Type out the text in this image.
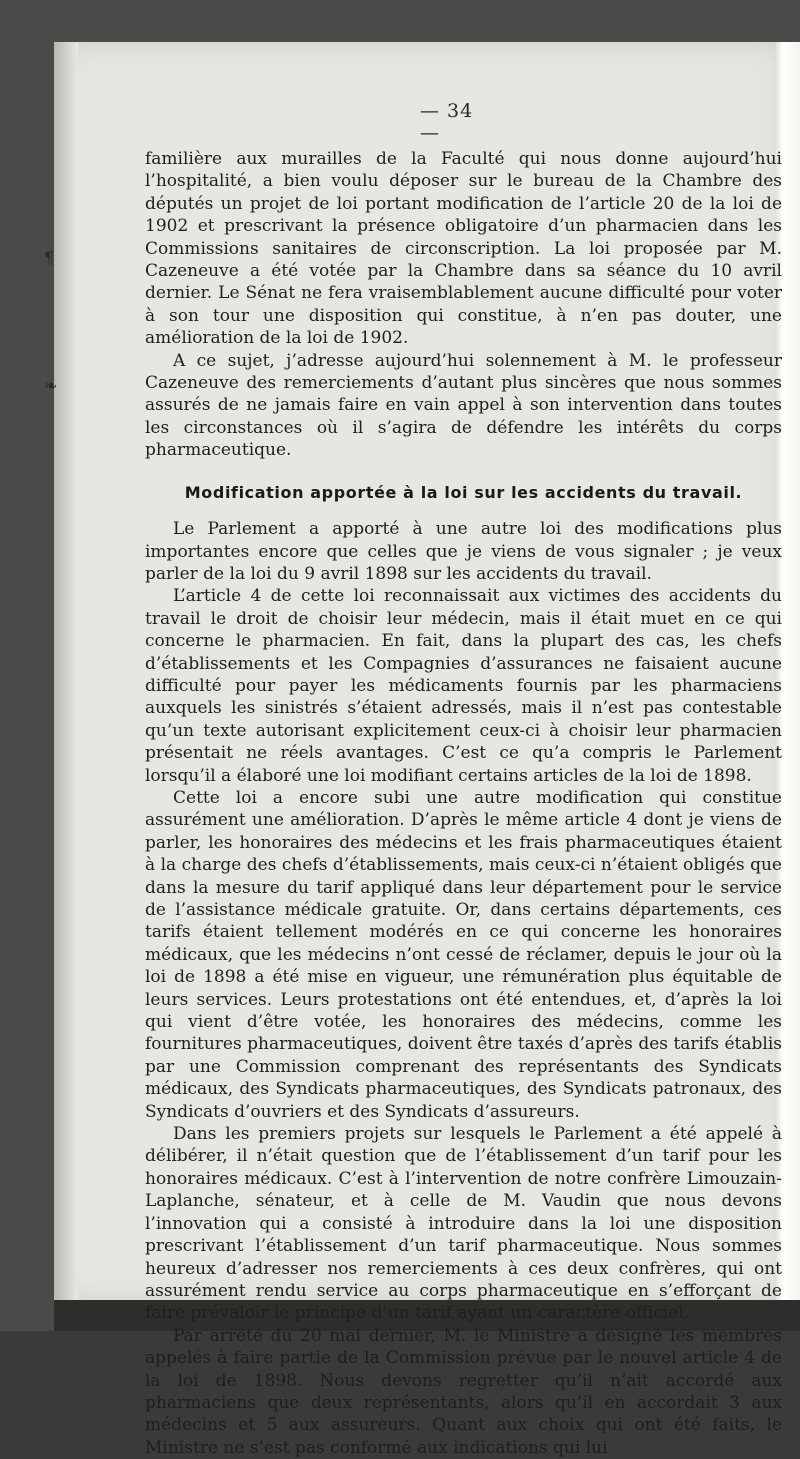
¶
❧
— 34 —

familière aux murailles de la Faculté qui nous donne aujourd’hui l’hospitalité, a bien voulu déposer sur le bureau de la Chambre des députés un projet de loi portant modification de l’article 20 de la loi de 1902 et prescrivant la présence obligatoire d’un pharmacien dans les Commissions sanitaires de circonscription. La loi proposée par M. Cazeneuve a été votée par la Chambre dans sa séance du 10 avril dernier. Le Sénat ne fera vraisemblablement aucune difficulté pour voter à son tour une disposition qui constitue, à n’en pas douter, une amélioration de la loi de 1902.

A ce sujet, j’adresse aujourd’hui solennement à M. le professeur Cazeneuve des remerciements d’autant plus sincères que nous sommes assurés de ne jamais faire en vain appel à son intervention dans toutes les circonstances où il s’agira de défendre les intérêts du corps pharmaceutique.

Modification apportée à la loi sur les accidents du travail.

Le Parlement a apporté à une autre loi des modifications plus importantes encore que celles que je viens de vous signaler ; je veux parler de la loi du 9 avril 1898 sur les accidents du travail.

L’article 4 de cette loi reconnaissait aux victimes des accidents du travail le droit de choisir leur médecin, mais il était muet en ce qui concerne le pharmacien. En fait, dans la plupart des cas, les chefs d’établissements et les Compagnies d’assurances ne faisaient aucune difficulté pour payer les médicaments fournis par les pharmaciens auxquels les sinistrés s’étaient adressés, mais il n’est pas contestable qu’un texte autorisant explicitement ceux-ci à choisir leur pharmacien présentait ne réels avantages. C’est ce qu’a compris le Parlement lorsqu’il a élaboré une loi modifiant certains articles de la loi de 1898.

Cette loi a encore subi une autre modification qui constitue assurément une amélioration. D’après le même article 4 dont je viens de parler, les honoraires des médecins et les frais pharmaceutiques étaient à la charge des chefs d’établissements, mais ceux-ci n’étaient obligés que dans la mesure du tarif appliqué dans leur département pour le service de l’assistance médicale gratuite. Or, dans certains départements, ces tarifs étaient tellement modérés en ce qui concerne les honoraires médicaux, que les médecins n’ont cessé de réclamer, depuis le jour où la loi de 1898 a été mise en vigueur, une rémunération plus équitable de leurs services. Leurs protestations ont été entendues, et, d’après la loi qui vient d’être votée, les honoraires des médecins, comme les fournitures pharmaceutiques, doivent être taxés d’après des tarifs établis par une Commission comprenant des représentants des Syndicats médicaux, des Syndicats pharmaceutiques, des Syndicats patronaux, des Syndicats d’ouvriers et des Syndicats d’assureurs.

Dans les premiers projets sur lesquels le Parlement a été appelé à délibérer, il n’était question que de l’établissement d’un tarif pour les honoraires médicaux. C’est à l’intervention de notre confrère Limouzain-Laplanche, sénateur, et à celle de M. Vaudin que nous devons l’innovation qui a consisté à introduire dans la loi une disposition prescrivant l’établissement d’un tarif pharmaceutique. Nous sommes heureux d’adresser nos remerciements à ces deux confrères, qui ont assurément rendu service au corps pharmaceutique en s’efforçant de faire prévaloir le principe d’un tarif ayant un caractère officiel.

Par arrêté du 20 mai dernier, M. le Ministre a désigné les membres appelés à faire partie de la Commission prévue par le nouvel article 4 de la loi de 1898. Nous devons regretter qu’il n’ait accordé aux pharmaciens que deux représentants, alors qu’il en accordait 3 aux médecins et 5 aux assureurs. Quant aux choix qui ont été faits, le Ministre ne s’est pas conformé aux indications qui lui
